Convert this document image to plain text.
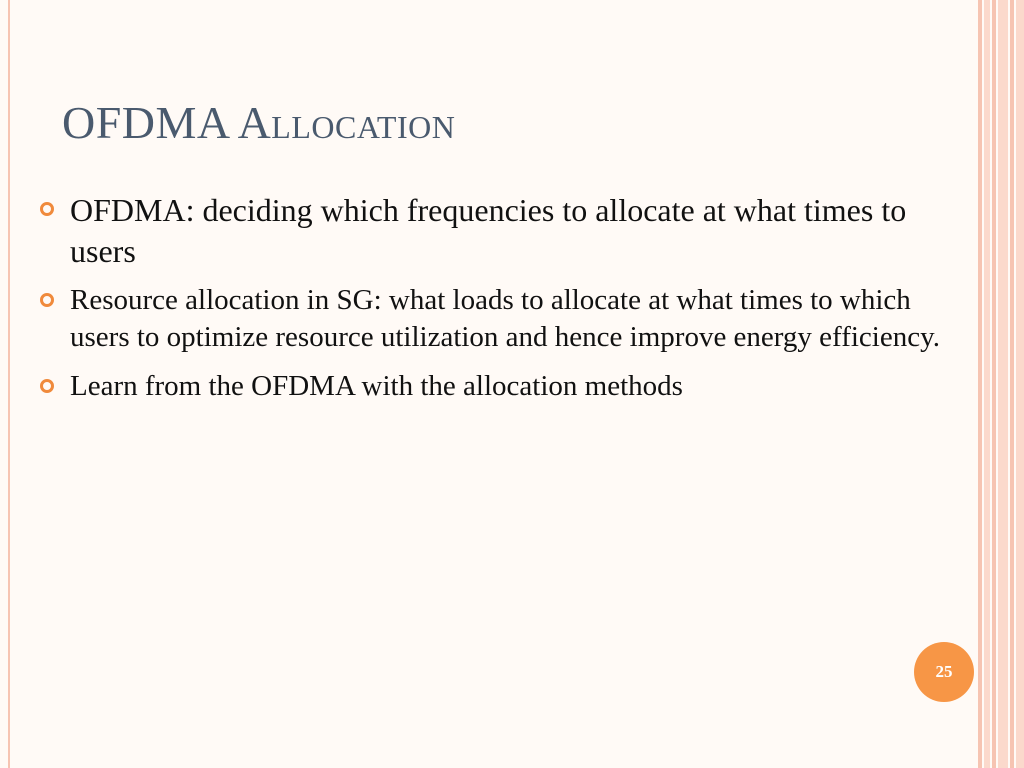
OFDMA Allocation
OFDMA: deciding which frequencies to allocate at what times to users
Resource allocation in SG: what loads to allocate at what times to which users to optimize resource utilization and hence improve energy efficiency.
Learn from the OFDMA with the allocation methods
25
